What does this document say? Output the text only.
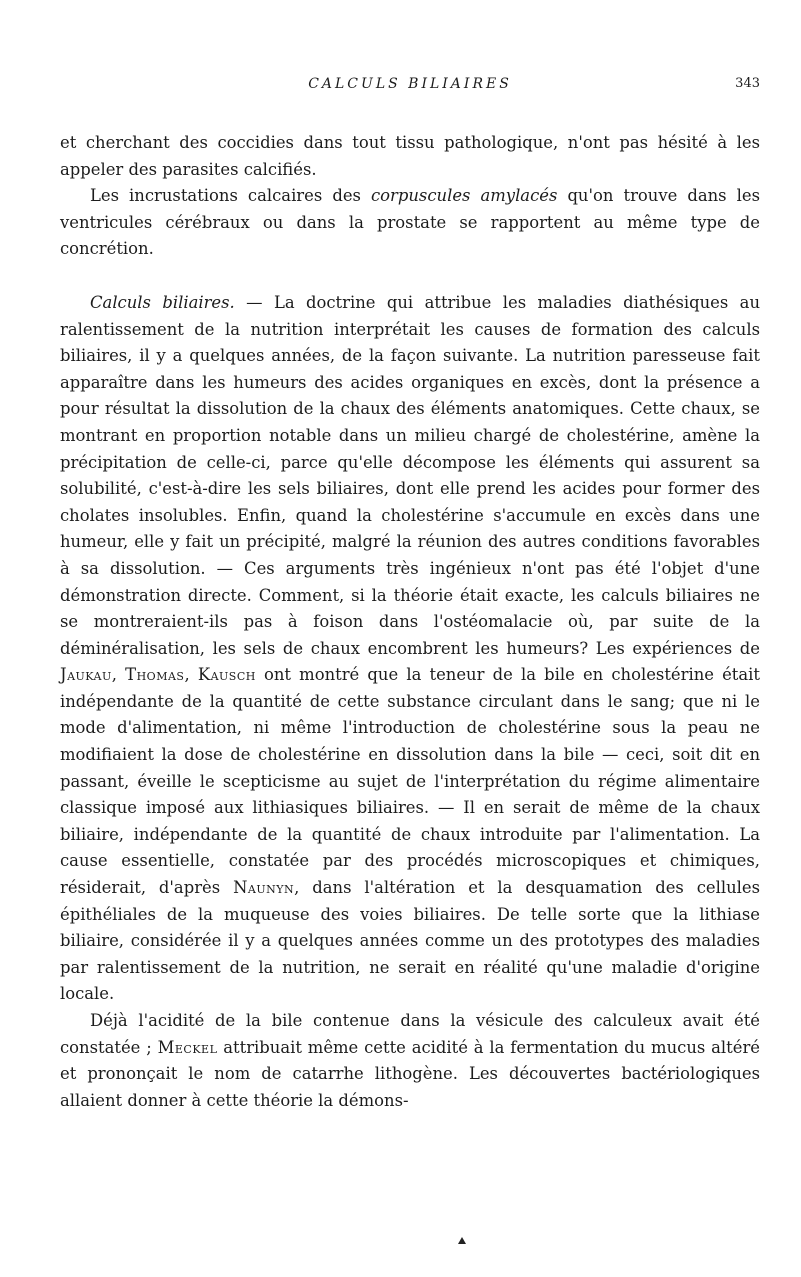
CALCULS BILIAIRES	343

et cherchant des coccidies dans tout tissu pathologique, n'ont pas hésité à les appeler des parasites calcifiés.

Les incrustations calcaires des corpuscules amylacés qu'on trouve dans les ventricules cérébraux ou dans la prostate se rapportent au même type de concrétion.

Calculs biliaires. — La doctrine qui attribue les maladies diathésiques au ralentissement de la nutrition interprétait les causes de formation des calculs biliaires, il y a quelques années, de la façon suivante. La nutrition paresseuse fait apparaître dans les humeurs des acides organiques en excès, dont la présence a pour résultat la dissolution de la chaux des éléments anatomiques. Cette chaux, se montrant en proportion notable dans un milieu chargé de cholestérine, amène la précipitation de celle-ci, parce qu'elle décompose les éléments qui assurent sa solubilité, c'est-à-dire les sels biliaires, dont elle prend les acides pour former des cholates insolubles. Enfin, quand la cholestérine s'accumule en excès dans une humeur, elle y fait un précipité, malgré la réunion des autres conditions favorables à sa dissolution. — Ces arguments très ingénieux n'ont pas été l'objet d'une démonstration directe. Comment, si la théorie était exacte, les calculs biliaires ne se montreraient-ils pas à foison dans l'ostéomalacie où, par suite de la déminéralisation, les sels de chaux encombrent les humeurs? Les expériences de Jaukau, Thomas, Kausch ont montré que la teneur de la bile en cholestérine était indépendante de la quantité de cette substance circulant dans le sang; que ni le mode d'alimentation, ni même l'introduction de cholestérine sous la peau ne modifiaient la dose de cholestérine en dissolution dans la bile — ceci, soit dit en passant, éveille le scepticisme au sujet de l'interprétation du régime alimentaire classique imposé aux lithiasiques biliaires. — Il en serait de même de la chaux biliaire, indépendante de la quantité de chaux introduite par l'alimentation. La cause essentielle, constatée par des procédés microscopiques et chimiques, résiderait, d'après Naunyn, dans l'altération et la desquamation des cellules épithéliales de la muqueuse des voies biliaires. De telle sorte que la lithiase biliaire, considérée il y a quelques années comme un des prototypes des maladies par ralentissement de la nutrition, ne serait en réalité qu'une maladie d'origine locale.

Déjà l'acidité de la bile contenue dans la vésicule des calculeux avait été constatée ; Meckel attribuait même cette acidité à la fermentation du mucus altéré et prononçait le nom de catarrhe lithogène. Les découvertes bactériologiques allaient donner à cette théorie la démons-
